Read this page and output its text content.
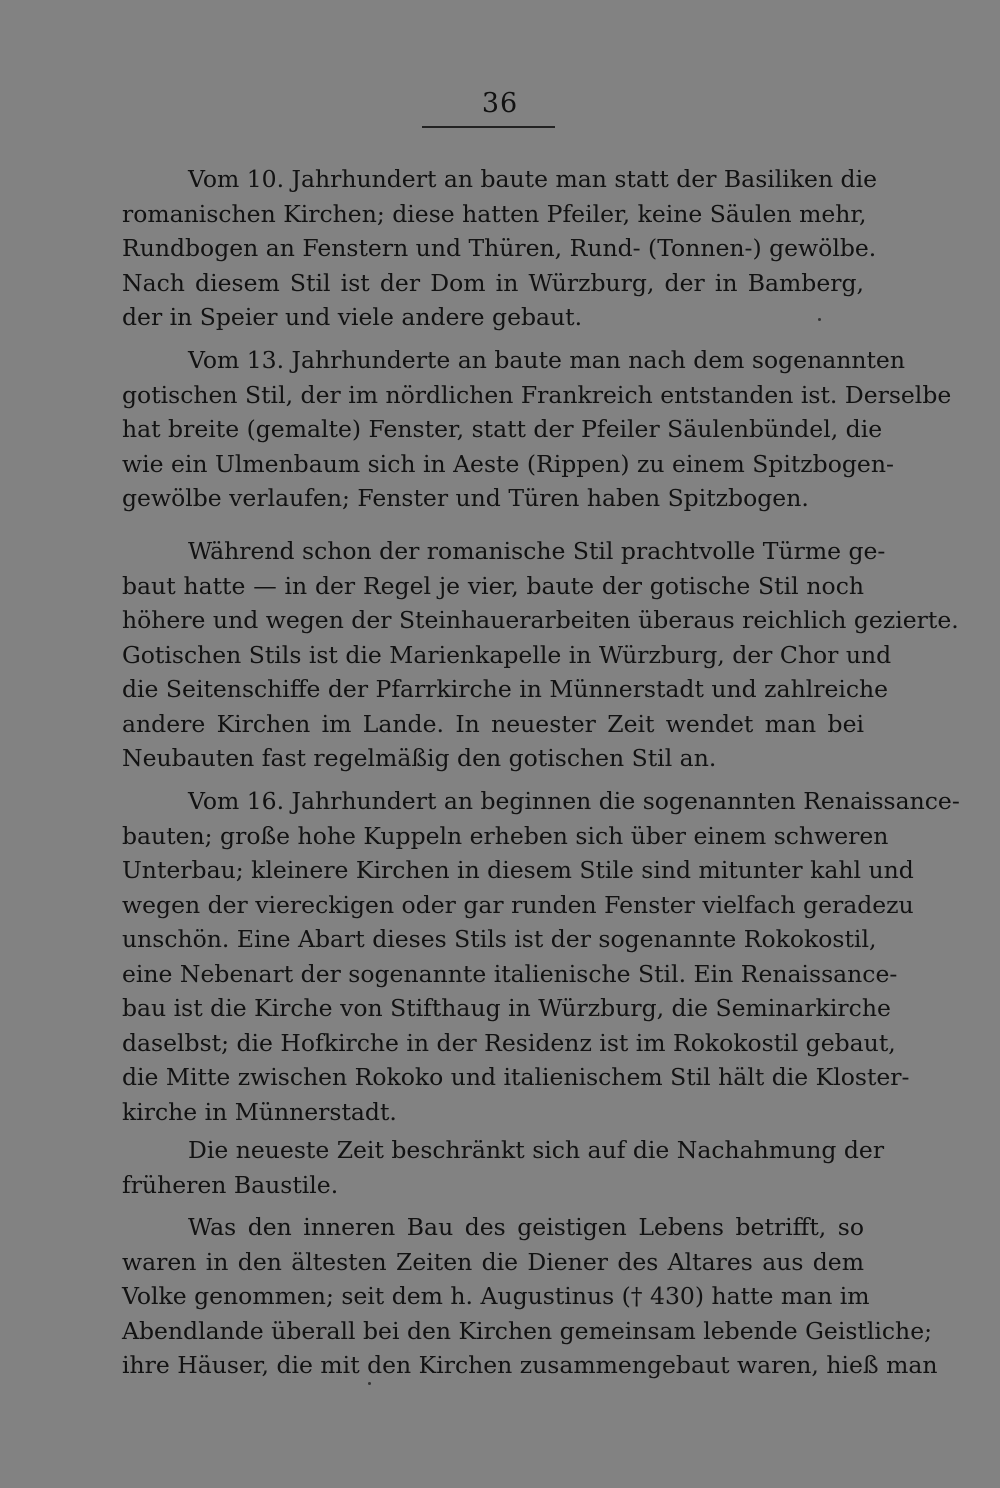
36
Vom 10. Jahrhundert an baute man statt der Basiliken die
romanischen Kirchen; diese hatten Pfeiler, keine Säulen mehr,
Rundbogen an Fenstern und Thüren, Rund- (Tonnen-) gewölbe.
Nach diesem Stil ist der Dom in Würzburg, der in Bamberg,
der in Speier und viele andere gebaut.
Vom 13. Jahrhunderte an baute man nach dem sogenannten
gotischen Stil, der im nördlichen Frankreich entstanden ist. Derselbe
hat breite (gemalte) Fenster, statt der Pfeiler Säulenbündel, die
wie ein Ulmenbaum sich in Aeste (Rippen) zu einem Spitzbogen-
gewölbe verlaufen; Fenster und Türen haben Spitzbogen.
Während schon der romanische Stil prachtvolle Türme ge-
baut hatte — in der Regel je vier, baute der gotische Stil noch
höhere und wegen der Steinhauerarbeiten überaus reichlich gezierte.
Gotischen Stils ist die Marienkapelle in Würzburg, der Chor und
die Seitenschiffe der Pfarrkirche in Münnerstadt und zahlreiche
andere Kirchen im Lande. In neuester Zeit wendet man bei
Neubauten fast regelmäßig den gotischen Stil an.
Vom 16. Jahrhundert an beginnen die sogenannten Renaissance-
bauten; große hohe Kuppeln erheben sich über einem schweren
Unterbau; kleinere Kirchen in diesem Stile sind mitunter kahl und
wegen der viereckigen oder gar runden Fenster vielfach geradezu
unschön. Eine Abart dieses Stils ist der sogenannte Rokokostil,
eine Nebenart der sogenannte italienische Stil. Ein Renaissance-
bau ist die Kirche von Stifthaug in Würzburg, die Seminarkirche
daselbst; die Hofkirche in der Residenz ist im Rokokostil gebaut,
die Mitte zwischen Rokoko und italienischem Stil hält die Kloster-
kirche in Münnerstadt.
Die neueste Zeit beschränkt sich auf die Nachahmung der
früheren Baustile.
Was den inneren Bau des geistigen Lebens betrifft, so
waren in den ältesten Zeiten die Diener des Altares aus dem
Volke genommen; seit dem h. Augustinus († 430) hatte man im
Abendlande überall bei den Kirchen gemeinsam lebende Geistliche;
ihre Häuser, die mit den Kirchen zusammengebaut waren, hieß man
